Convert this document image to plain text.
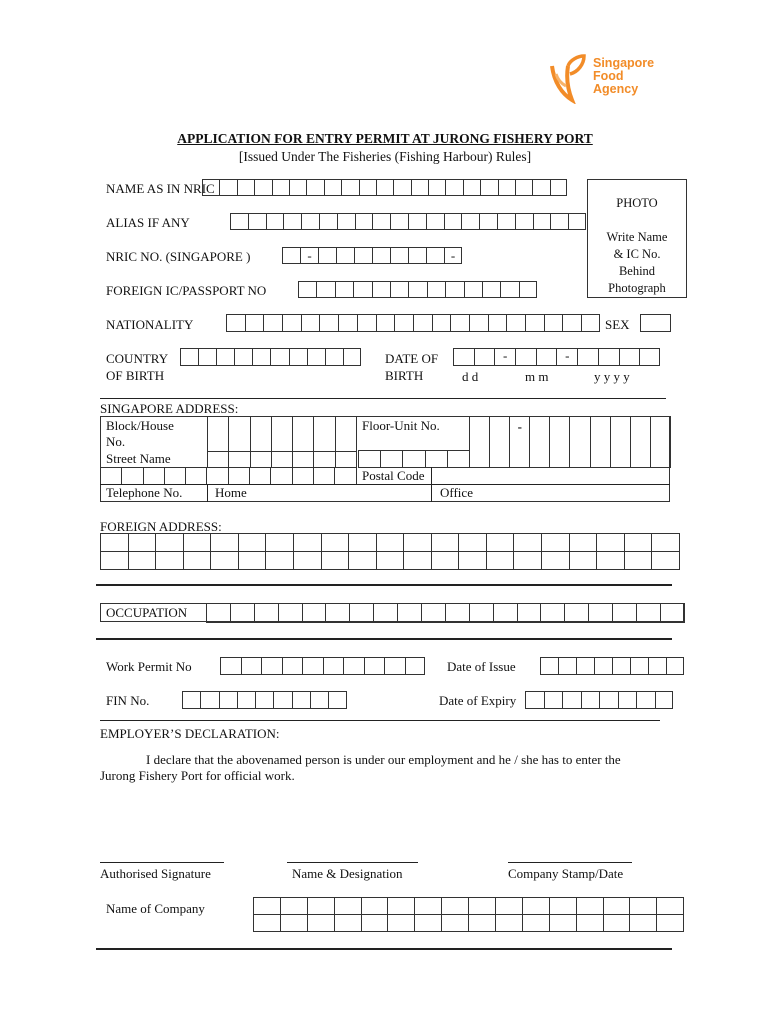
Singapore
Food
Agency
APPLICATION FOR ENTRY PERMIT AT JURONG FISHERY PORT
[Issued Under The Fisheries (Fishing Harbour) Rules]
NAME AS IN NRIC
PHOTO
Write Name
& IC No.
Behind
Photograph
ALIAS IF ANY
NRIC NO. (SINGAPORE )	-	-
FOREIGN IC/PASSPORT NO
NATIONALITY	SEX
COUNTRY
OF BIRTH
DATE OF
BIRTH
-	-
d d	m m	y y y y
SINGAPORE ADDRESS:
Block/House
No.
Street Name
Floor-Unit No.	-
Postal Code
Telephone No.	Home	Office
FOREIGN ADDRESS:
OCCUPATION
Work Permit No	Date of Issue
FIN No.	Date of Expiry
EMPLOYER’S DECLARATION:
I declare that the abovenamed person is under our employment and he / she has to enter the
Jurong Fishery Port for official work.
Authorised Signature	Name & Designation	Company Stamp/Date
Name of Company
